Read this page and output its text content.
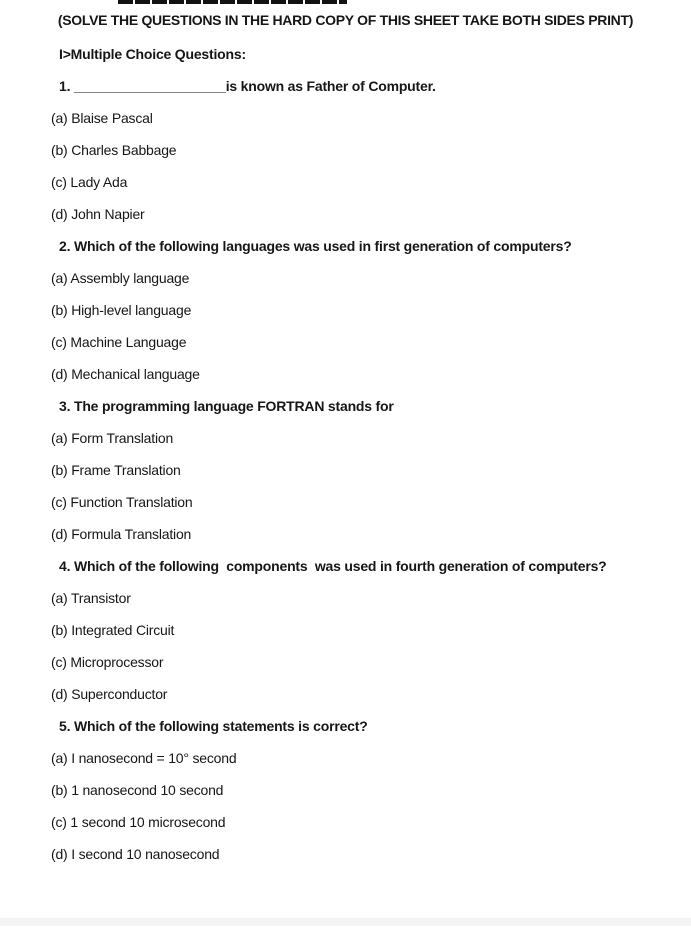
(SOLVE THE QUESTIONS IN THE HARD COPY OF THIS SHEET TAKE BOTH SIDES PRINT)
I>Multiple Choice Questions:
1. ____________________is known as Father of Computer.
(a) Blaise Pascal
(b) Charles Babbage
(c) Lady Ada
(d) John Napier
2. Which of the following languages was used in first generation of computers?
(a) Assembly language
(b) High-level language
(c) Machine Language
(d) Mechanical language
3. The programming language FORTRAN stands for
(a) Form Translation
(b) Frame Translation
(c) Function Translation
(d) Formula Translation
4. Which of the following  components  was used in fourth generation of computers?
(a) Transistor
(b) Integrated Circuit
(c) Microprocessor
(d) Superconductor
5. Which of the following statements is correct?
(a) I nanosecond = 10° second
(b) 1 nanosecond 10 second
(c) 1 second 10 microsecond
(d) I second 10 nanosecond
